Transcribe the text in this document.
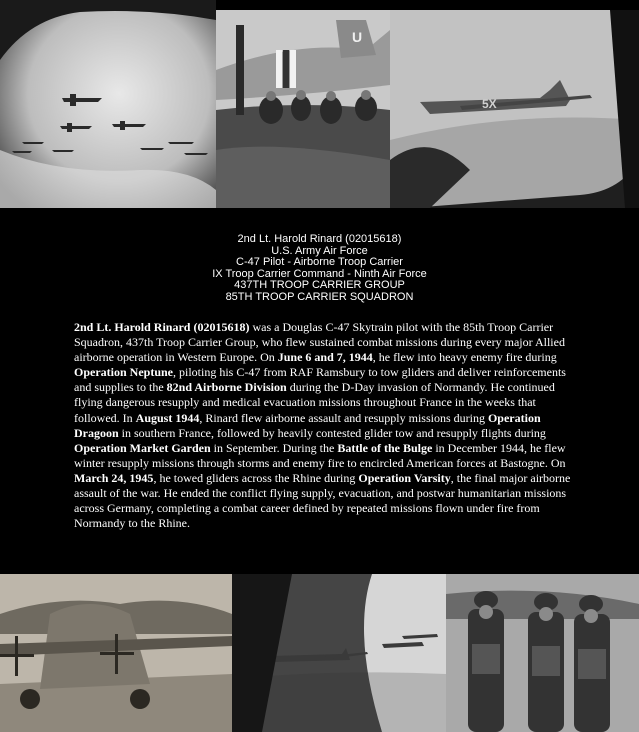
U
5X
2nd Lt. Harold Rinard (02015618)
U.S. Army Air Force
C-47 Pilot - Airborne Troop Carrier
IX Troop Carrier Command - Ninth Air Force
437TH TROOP CARRIER GROUP
85TH TROOP CARRIER SQUADRON
2nd Lt. Harold Rinard (02015618) was a Douglas C-47 Skytrain pilot with the 85th Troop Carrier Squadron, 437th Troop Carrier Group, who flew sustained combat missions during every major Allied airborne operation in Western Europe. On June 6 and 7, 1944, he flew into heavy enemy fire during Operation Neptune, piloting his C-47 from RAF Ramsbury to tow gliders and deliver reinforcements and supplies to the 82nd Airborne Division during the D-Day invasion of Normandy. He continued flying dangerous resupply and medical evacuation missions throughout France in the weeks that followed. In August 1944, Rinard flew airborne assault and resupply missions during Operation Dragoon in southern France, followed by heavily contested glider tow and resupply flights during Operation Market Garden in September. During the Battle of the Bulge in December 1944, he flew winter resupply missions through storms and enemy fire to encircled American forces at Bastogne. On March 24, 1945, he towed gliders across the Rhine during Operation Varsity, the final major airborne assault of the war. He ended the conflict flying supply, evacuation, and postwar humanitarian missions across Germany, completing a combat career defined by repeated missions flown under fire from Normandy to the Rhine.
